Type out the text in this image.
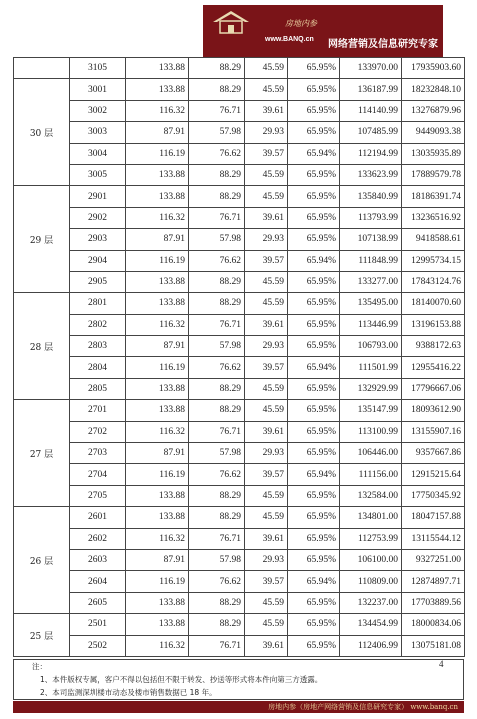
房地内参
www.BANQ.cn 网络营销及信息研究专家
	3105	133.88	88.29	45.59	65.95%	133970.00	17935903.60
30 层	3001	133.88	88.29	45.59	65.95%	136187.99	18232848.10
	3002	116.32	76.71	39.61	65.95%	114140.99	13276879.96
	3003	87.91	57.98	29.93	65.95%	107485.99	9449093.38
	3004	116.19	76.62	39.57	65.94%	112194.99	13035935.89
	3005	133.88	88.29	45.59	65.95%	133623.99	17889579.78
29 层	2901	133.88	88.29	45.59	65.95%	135840.99	18186391.74
	2902	116.32	76.71	39.61	65.95%	113793.99	13236516.92
	2903	87.91	57.98	29.93	65.95%	107138.99	9418588.61
	2904	116.19	76.62	39.57	65.94%	111848.99	12995734.15
	2905	133.88	88.29	45.59	65.95%	133277.00	17843124.76
28 层	2801	133.88	88.29	45.59	65.95%	135495.00	18140070.60
	2802	116.32	76.71	39.61	65.95%	113446.99	13196153.88
	2803	87.91	57.98	29.93	65.95%	106793.00	9388172.63
	2804	116.19	76.62	39.57	65.94%	111501.99	12955416.22
	2805	133.88	88.29	45.59	65.95%	132929.99	17796667.06
27 层	2701	133.88	88.29	45.59	65.95%	135147.99	18093612.90
	2702	116.32	76.71	39.61	65.95%	113100.99	13155907.16
	2703	87.91	57.98	29.93	65.95%	106446.00	9357667.86
	2704	116.19	76.62	39.57	65.94%	111156.00	12915215.64
	2705	133.88	88.29	45.59	65.95%	132584.00	17750345.92
26 层	2601	133.88	88.29	45.59	65.95%	134801.00	18047157.88
	2602	116.32	76.71	39.61	65.95%	112753.99	13115544.12
	2603	87.91	57.98	29.93	65.95%	106100.00	9327251.00
	2604	116.19	76.62	39.57	65.94%	110809.00	12874897.71
	2605	133.88	88.29	45.59	65.95%	132237.00	17703889.56
25 层	2501	133.88	88.29	45.59	65.95%	134454.99	18000834.06
	2502	116.32	76.71	39.61	65.95%	112406.99	13075181.08
注：
1、本件版权专属，客户不得以包括但不限于转发、抄送等形式将本件向第三方透露。
2、本司监测深圳楼市动态及楼市销售数据已 18 年。
4
房地内参（房地产网络营销及信息研究专家） www.banq.cn
